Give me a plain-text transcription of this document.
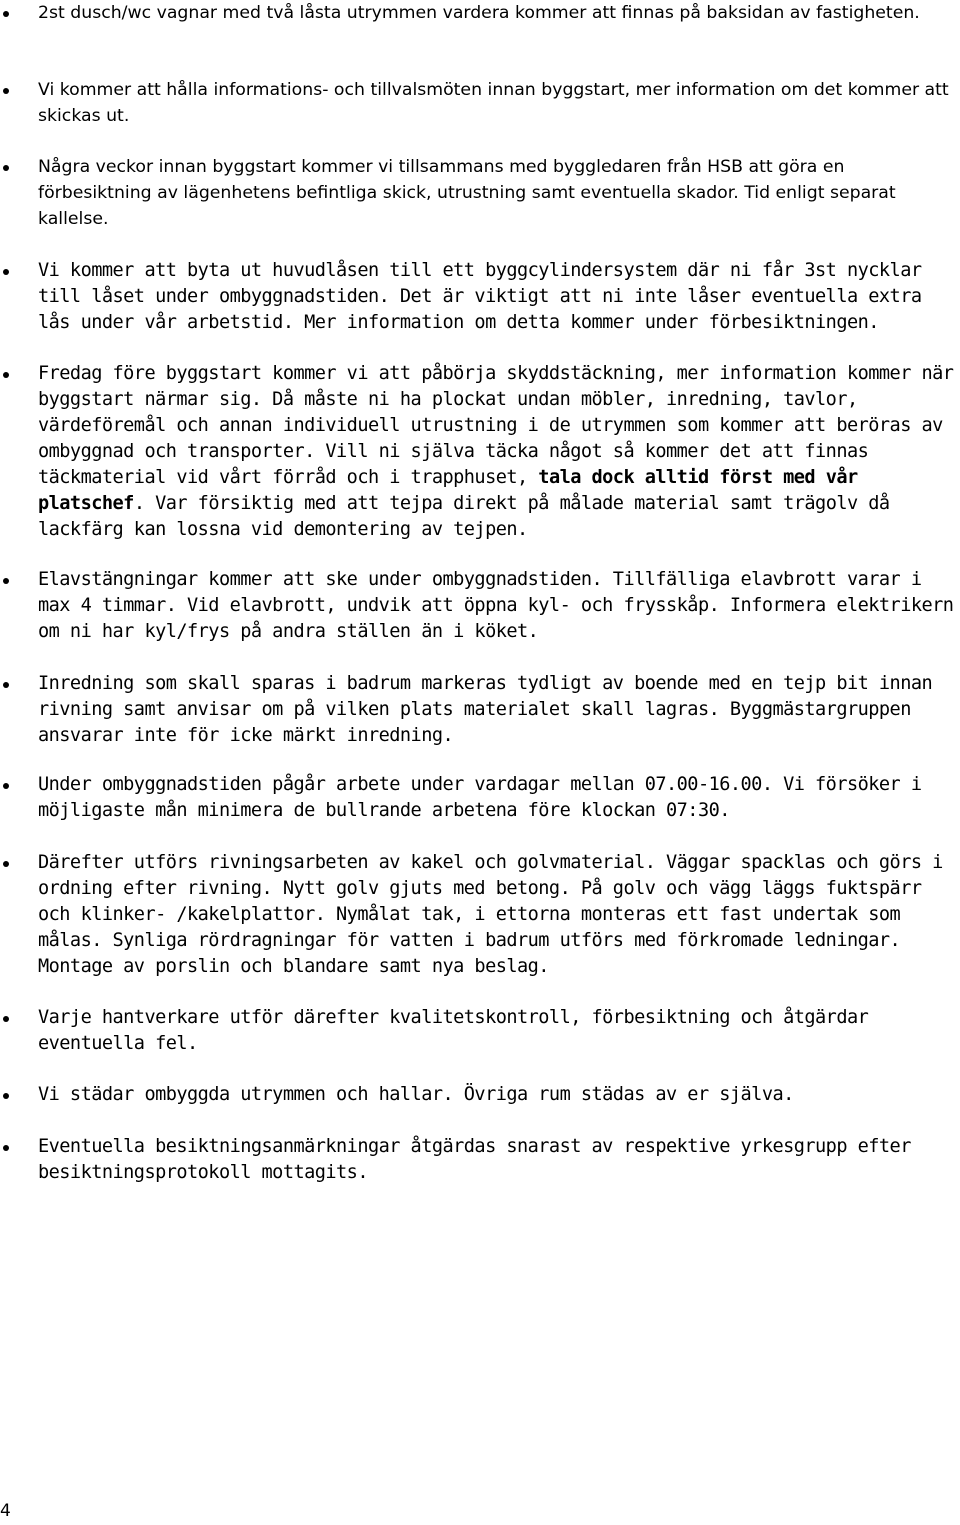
2st dusch/wc vagnar med två låsta utrymmen vardera kommer att finnas på baksidan av fastigheten.

Vi kommer att hålla informations- och tillvalsmöten innan byggstart, mer information om det kommer att skickas ut.

Några veckor innan byggstart kommer vi tillsammans med byggledaren från HSB att göra en förbesiktning av lägenhetens befintliga skick, utrustning samt eventuella skador. Tid enligt separat kallelse.

Vi kommer att byta ut huvudlåsen till ett byggcylindersystem där ni får 3st nycklar till låset under ombyggnadstiden. Det är viktigt att ni inte låser eventuella extra lås under vår arbetstid. Mer information om detta kommer under förbesiktningen.

Fredag före byggstart kommer vi att påbörja skyddstäckning, mer information kommer när byggstart närmar sig. Då måste ni ha plockat undan möbler, inredning, tavlor, värdeföremål och annan individuell utrustning i de utrymmen som kommer att beröras av ombyggnad och transporter. Vill ni själva täcka något så kommer det att finnas täckmaterial vid vårt förråd och i trapphuset, tala dock alltid först med vår platschef. Var försiktig med att tejpa direkt på målade material samt trägolv då lackfärg kan lossna vid demontering av tejpen.

Elavstängningar kommer att ske under ombyggnadstiden. Tillfälliga elavbrott varar i max 4 timmar. Vid elavbrott, undvik att öppna kyl- och frysskåp. Informera elektrikern om ni har kyl/frys på andra ställen än i köket.

Inredning som skall sparas i badrum markeras tydligt av boende med en tejp bit innan rivning samt anvisar om på vilken plats materialet skall lagras. Byggmästargruppen ansvarar inte för icke märkt inredning.

Under ombyggnadstiden pågår arbete under vardagar mellan 07.00-16.00. Vi försöker i möjligaste mån minimera de bullrande arbetena före klockan 07:30.

Därefter utförs rivningsarbeten av kakel och golvmaterial. Väggar spacklas och görs i ordning efter rivning. Nytt golv gjuts med betong. På golv och vägg läggs fuktspärr och klinker- /kakelplattor. Nymålat tak, i ettorna monteras ett fast undertak som målas. Synliga rördragningar för vatten i badrum utförs med förkromade ledningar. Montage av porslin och blandare samt nya beslag.

Varje hantverkare utför därefter kvalitetskontroll, förbesiktning och åtgärdar eventuella fel.

Vi städar ombyggda utrymmen och hallar. Övriga rum städas av er själva.

Eventuella besiktningsanmärkningar åtgärdas snarast av respektive yrkesgrupp efter besiktningsprotokoll mottagits.

4
